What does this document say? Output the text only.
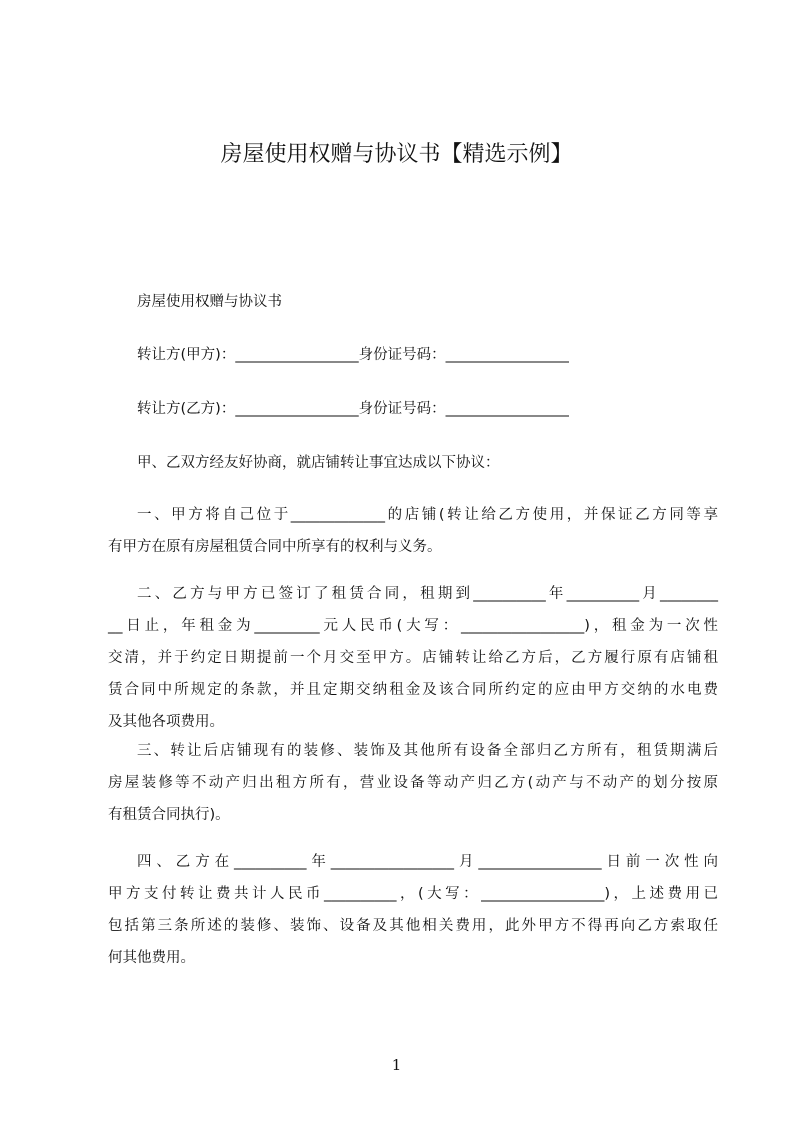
房屋使用权赠与协议书【精选示例】
房屋使用权赠与协议书
转让方(甲方)：_________________身份证号码：_________________
转让方(乙方)：_________________身份证号码：_________________
甲、乙双方经友好协商，就店铺转让事宜达成以下协议：
一、甲方将自己位于_____________的店铺(转让给乙方使用，并保证乙方同等享
有甲方在原有房屋租赁合同中所享有的权利与义务。
二、乙方与甲方已签订了租赁合同，租期到__________年__________月________
__日止，年租金为_________元人民币(大写：_________________)，租金为一次性
交清，并于约定日期提前一个月交至甲方。店铺转让给乙方后，乙方履行原有店铺租
赁合同中所规定的条款，并且定期交纳租金及该合同所约定的应由甲方交纳的水电费
及其他各项费用。
三、转让后店铺现有的装修、装饰及其他所有设备全部归乙方所有，租赁期满后
房屋装修等不动产归出租方所有，营业设备等动产归乙方(动产与不动产的划分按原
有租赁合同执行)。
四、乙方在__________年_________________月_________________日前一次性向
甲方支付转让费共计人民币__________，(大写：_________________)，上述费用已
包括第三条所述的装修、装饰、设备及其他相关费用，此外甲方不得再向乙方索取任
何其他费用。
1
